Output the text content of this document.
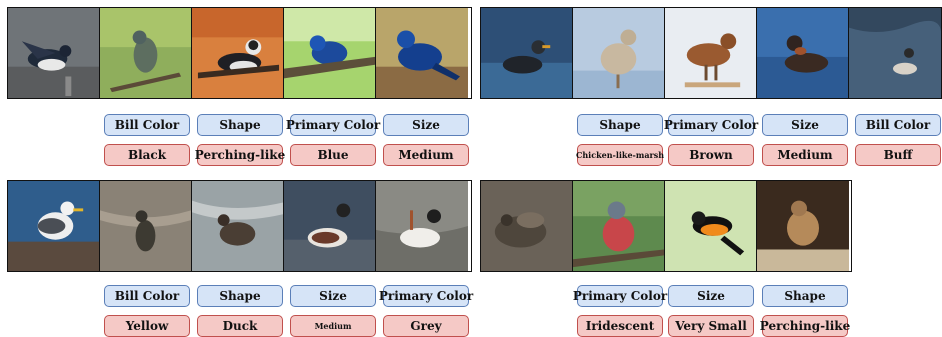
Bill Color	Shape	Primary Color	Size
Black	Perching-like	Blue	Medium
Shape	Primary Color	Size	Bill Color
Chicken-like-marsh	Brown	Medium	Buff
Bill Color	Shape	Size	Primary Color
Yellow	Duck	Medium	Grey
Primary Color	Size	Shape
Iridescent	Very Small	Perching-like
